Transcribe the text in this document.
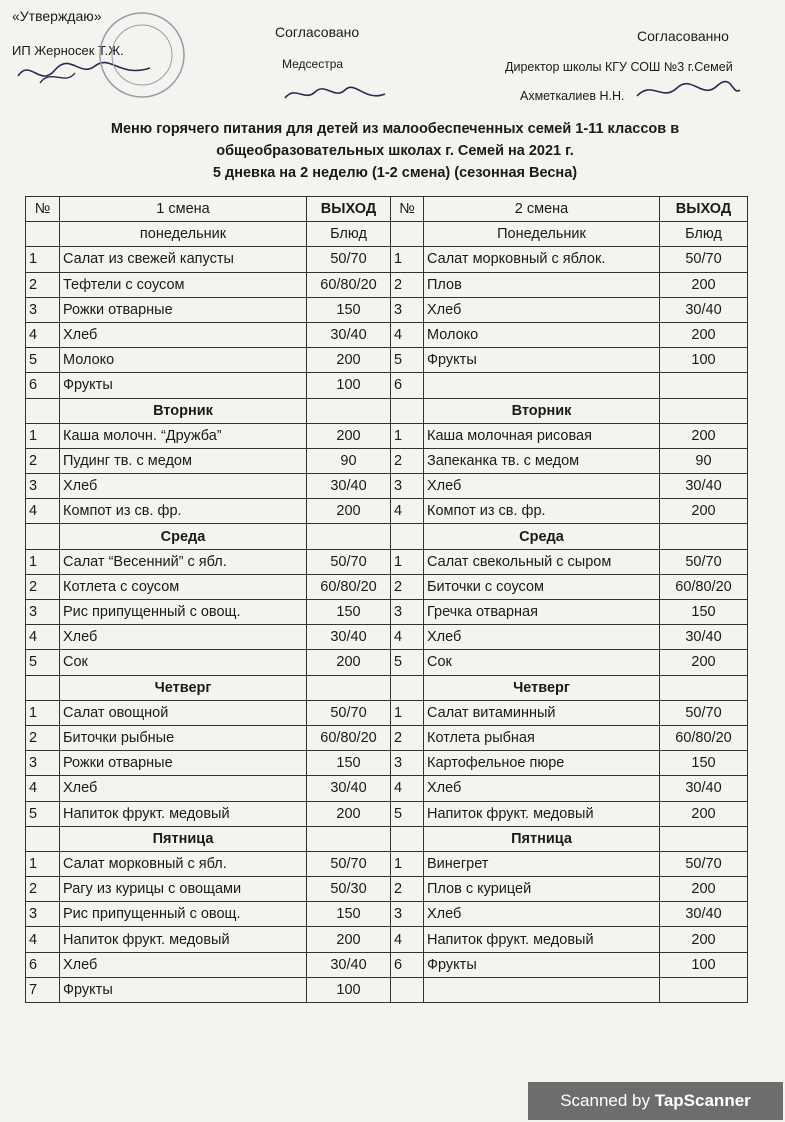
«Утверждаю»
ИП Жерносек Т.Ж.
Согласовано
Медсестра
Согласованно
Директор школы КГУ СОШ №3 г.Семей
Ахметкалиев Н.Н.
Меню горячего питания для детей из малообеспеченных семей 1-11 классов в
общеобразовательных школах г. Семей на 2021 г.
5 дневка на 2 неделю (1-2 смена) (сезонная Весна)
№	1 смена	ВЫХОД	№	2 смена	ВЫХОД
	понедельник	Блюд		Понедельник	Блюд
1	Салат из свежей капусты	50/70	1	Салат морковный с яблок.	50/70
2	Тефтели с соусом	60/80/20	2	Плов	200
3	Рожки отварные	150	3	Хлеб	30/40
4	Хлеб	30/40	4	Молоко	200
5	Молоко	200	5	Фрукты	100
6	Фрукты	100	6		
	Вторник			Вторник	
1	Каша молочн. “Дружба”	200	1	Каша молочная рисовая	200
2	Пудинг тв. с медом	90	2	Запеканка тв. с медом	90
3	Хлеб	30/40	3	Хлеб	30/40
4	Компот из св. фр.	200	4	Компот из св. фр.	200
	Среда			Среда	
1	Салат “Весенний” с ябл.	50/70	1	Салат свекольный с сыром	50/70
2	Котлета с соусом	60/80/20	2	Биточки с соусом	60/80/20
3	Рис припущенный с овощ.	150	3	Гречка отварная	150
4	Хлеб	30/40	4	Хлеб	30/40
5	Сок	200	5	Сок	200
	Четверг			Четверг	
1	Салат овощной	50/70	1	Салат витаминный	50/70
2	Биточки рыбные	60/80/20	2	Котлета рыбная	60/80/20
3	Рожки отварные	150	3	Картофельное пюре	150
4	Хлеб	30/40	4	Хлеб	30/40
5	Напиток фрукт. медовый	200	5	Напиток фрукт. медовый	200
	Пятница			Пятница	
1	Салат морковный с ябл.	50/70	1	Винегрет	50/70
2	Рагу из курицы с овощами	50/30	2	Плов с курицей	200
3	Рис припущенный с овощ.	150	3	Хлеб	30/40
4	Напиток фрукт. медовый	200	4	Напиток фрукт. медовый	200
6	Хлеб	30/40	6	Фрукты	100
7	Фрукты	100			
Scanned by TapScanner
